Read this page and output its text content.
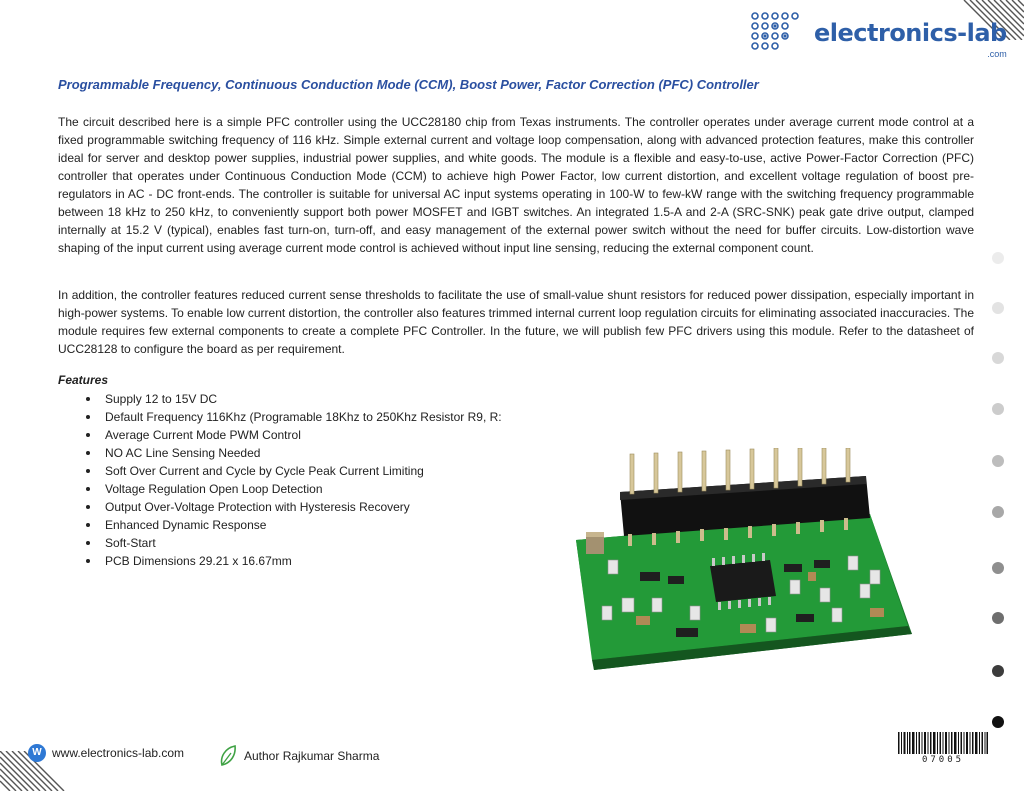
electronics-lab
.com
Programmable Frequency, Continuous Conduction Mode (CCM), Boost Power, Factor Correction (PFC) Controller

The circuit described here is a simple PFC controller using the UCC28180 chip from Texas instruments. The controller operates under average current mode control at a fixed programmable switching frequency of 116 kHz. Simple external current and voltage loop compensation, along with advanced protection features, make this controller ideal for server and desktop power supplies, industrial power supplies, and white goods. The module is a flexible and easy-to-use, active Power-Factor Correction (PFC) controller that operates under Continuous Conduction Mode (CCM) to achieve high Power Factor, low current distortion, and excellent voltage regulation of boost pre-regulators in AC - DC front-ends. The controller is suitable for universal AC input systems operating in 100-W to few-kW range with the switching frequency programmable between 18 kHz to 250 kHz, to conveniently support both power MOSFET and IGBT switches. An integrated 1.5-A and 2-A (SRC-SNK) peak gate drive output, clamped internally at 15.2 V (typical), enables fast turn-on, turn-off, and easy management of the external power switch without the need for buffer circuits. Low-distortion wave shaping of the input current using average current mode control is achieved without input line sensing, reducing the external component count.

In addition, the controller features reduced current sense thresholds to facilitate the use of small-value shunt resistors for reduced power dissipation, especially important in high-power systems. To enable low current distortion, the controller also features trimmed internal current loop regulation circuits for eliminating associated inaccuracies. The module requires few external components to create a complete PFC Controller. In the future, we will publish few PFC drivers using this module. Refer to the datasheet of UCC28128 to configure the board as per requirement.

Features
Supply 12 to 15V DC
Default Frequency 116Khz (Programable 18Khz to 250Khz Resistor R9, R:
Average Current Mode PWM Control
NO AC Line Sensing Needed
Soft Over Current and Cycle by Cycle Peak Current Limiting
Voltage Regulation Open Loop Detection
Output Over-Voltage Protection with Hysteresis Recovery
Enhanced Dynamic Response
Soft-Start
PCB Dimensions 29.21 x 16.67mm
W www.electronics-lab.com	Author Rajkumar Sharma	07005
